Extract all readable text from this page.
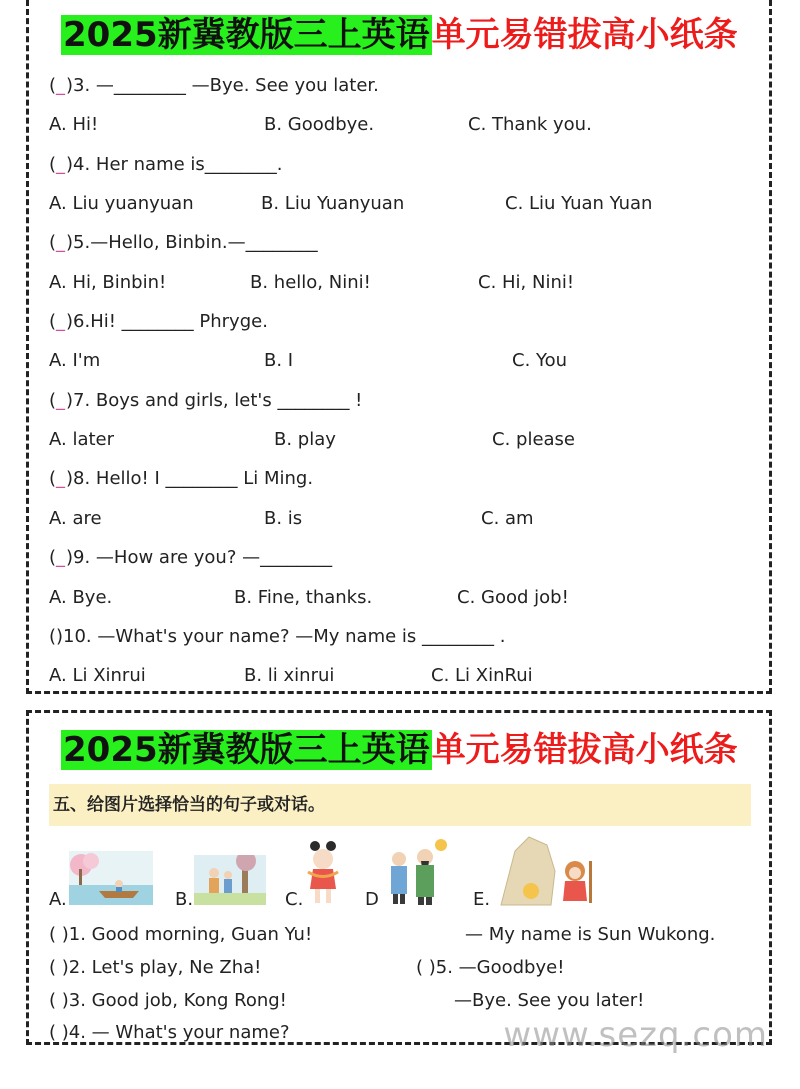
2025新冀教版三上英语单元易错拔高小纸条
( _ )3. —________ —Bye. See you later.
A. Hi!	B. Goodbye.	C. Thank you.
( _ )4. Her name is________.
A. Liu yuanyuan	B. Liu Yuanyuan	C. Liu Yuan Yuan
( _ )5.—Hello, Binbin.—________
A. Hi, Binbin!	B. hello, Nini!	C. Hi, Nini!
( _ )6.Hi! ________ Phryge.
A. I'm	B. I	C. You
( _ )7. Boys and girls, let's ________ !
A. later	B. play	C. please
( _ )8. Hello! I ________ Li Ming.
A. are	B. is	C. am
( _ )9. —How are you? —________
A. Bye.	B. Fine, thanks.	C. Good job!
( )10. —What's your name? —My name is ________ .
A. Li Xinrui	B. li xinrui	C. Li XinRui
2025新冀教版三上英语单元易错拔高小纸条
五、给图片选择恰当的句子或对话。
A.	B.	C.	D	E.
( )1. Good morning, Guan Yu!	— My name is Sun Wukong.
( )2. Let's play, Ne Zha!	( )5. —Goodbye!
( )3. Good job, Kong Rong!	—Bye. See you later!
( )4. — What's your name?	www.sezq.com
